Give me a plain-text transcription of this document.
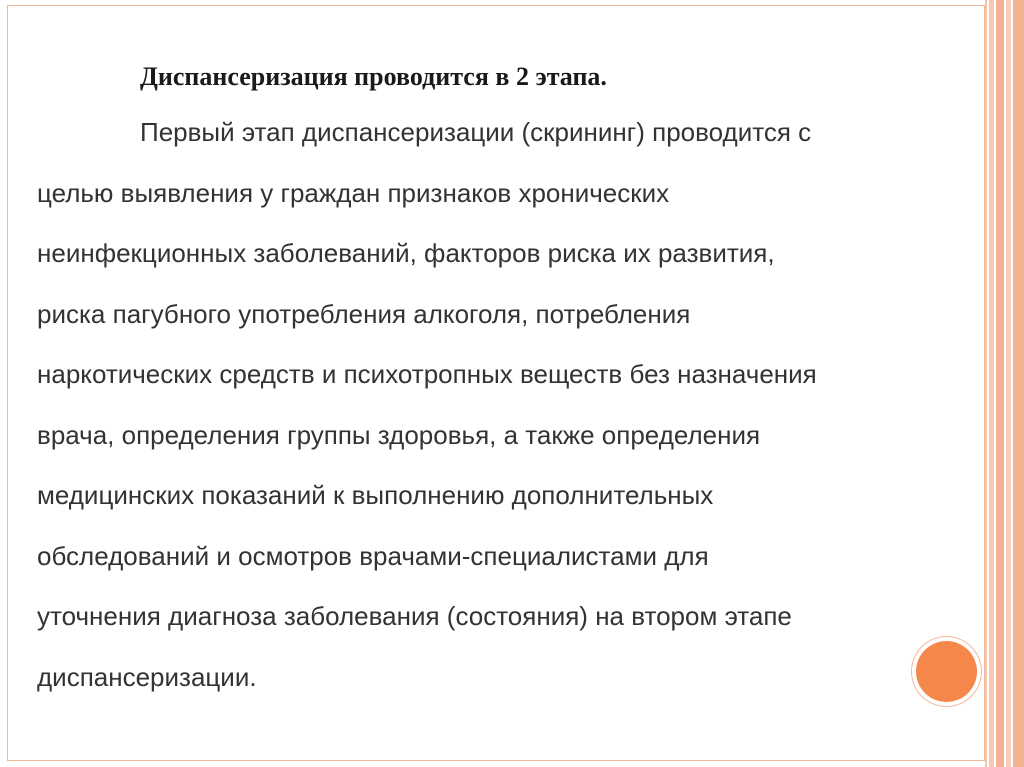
Диспансеризация проводится в 2 этапа.

Первый этап диспансеризации (скрининг) проводится с
целью выявления у граждан признаков хронических
неинфекционных заболеваний, факторов риска их развития,
риска пагубного употребления алкоголя, потребления
наркотических средств и психотропных веществ без назначения
врача, определения группы здоровья, а также определения
медицинских показаний к выполнению дополнительных
обследований и осмотров врачами-специалистами для
уточнения диагноза заболевания (состояния) на втором этапе
диспансеризации.
